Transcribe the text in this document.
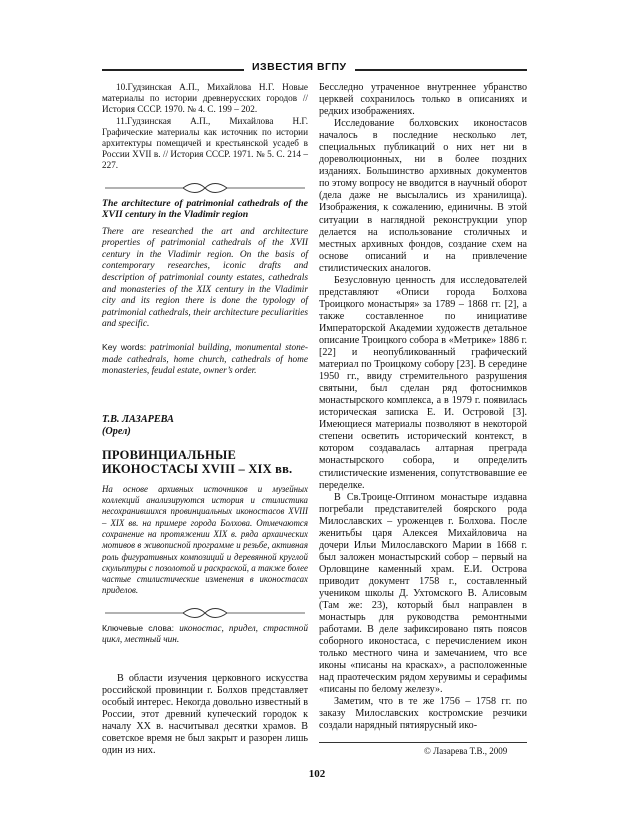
ИЗВЕСТИЯ ВГПУ

10.Гудзинская А.П., Михайлова Н.Г. Новые материалы по истории древнерусских городов // История СССР. 1970. № 4. С. 199 – 202.

11.Гудзинская А.П., Михайлова Н.Г. Графические материалы как источник по истории архитектуры помещичей и крестьянской усадеб в России XVII в. // История СССР. 1971. № 5. С. 214 – 227.

The architecture of patrimonial cathedrals of the XVII century in the Vladimir region

There are researched the art and architecture properties of patrimonial cathedrals of the XVII century in the Vladimir region. On the basis of contemporary researches, iconic drafts and description of patrimonial county estates, cathedrals and monasteries of the XIX century in the Vladimir city and its region there is done the typology of patrimonial cathedrals, their architecture peculiarities and specific.

Key words: patrimonial building, monumental stone-made cathedrals, home church, cathedrals of home monasteries, feudal estate, owner’s order.

Т.В. ЛАЗАРЕВА

(Орел)

ПРОВИНЦИАЛЬНЫЕ

ИКОНОСТАСЫ XVIII – XIX вв.

На основе архивных источников и музейных коллекций анализируются история и стилистика несохранившихся провинциальных иконостасов XVIII – XIX вв. на примере города Болхова. Отмечаются сохранение на протяжении XIX в. ряда архаических мотивов в живописной программе и резьбе, активная роль фигуративных композиций и деревянной круглой скульптуры с позолотой и раскраской, а также более частые стилистические изменения в иконостасах приделов.

Ключевые слова: иконостас, придел, страстной цикл, местный чин.

В области изучения церковного искусства российской провинции г. Болхов представляет особый интерес. Некогда довольно известный в России, этот древний купеческий городок к началу XX в. насчитывал десятки храмов. В советское время не был закрыт и разорен лишь один из них.

Бесследно утраченное внутреннее убранство церквей сохранилось только в описаниях и редких изображениях.

Исследование болховских иконостасов началось в последние несколько лет, специальных публикаций о них нет ни в дореволюционных, ни в более поздних изданиях. Большинство архивных документов по этому вопросу не вводится в научный оборот (дела даже не высылались из хранилища). Изображения, к сожалению, единичны. В этой ситуации в наглядной реконструкции упор делается на использование столичных и местных архивных фондов, создание схем на основе описаний и на привлечение стилистических аналогов.

Безусловную ценность для исследователей представляют «Опиcи города Болхова Троицкого монастыря» за 1789 – 1868 гг. [2], а также составленное по инициативе Императорской Академии художеств детальное описание Троицкого собора в «Метрике» 1886 г. [22] и неопубликованный графический материал по Троицкому собору [23]. В середине 1950 гг., ввиду стремительного разрушения святыни, был сделан ряд фотоснимков монастырского комплекса, а в 1979 г. появилась историческая записка Е. И. Островой [3]. Имеющиеся материалы позволяют в некоторой степени осветить исторический контекст, в котором создавалась алтарная преграда монастырского собора, и определить стилистические изменения, сопутствовавшие ее переделке.

В Св.Троице-Оптином монастыре издавна погребали представителей боярского рода Милославских – уроженцев г. Болхова. После женитьбы царя Алексея Михайловича на дочери Ильи Милославского Марии в 1668 г. был заложен монастырский собор – первый на Орловщине каменный храм. Е.И. Острова приводит документ 1758 г., составленный учеником школы Д. Ухтомского В. Алисовым (Там же: 23), который был направлен в монастырь для руководства ремонтными работами. В деле зафиксировано пять поясов соборного иконостаса, с перечислением икон только местного чина и замечанием, что все иконы «писаны на красках», а расположенные над праотеческим рядом херувимы и серафимы «писаны по белому железу».

Заметим, что в те же 1756 – 1758 гг. по заказу Милославских костромские резчики создали нарядный пятиярусный ико-

© Лазарева Т.В., 2009
102
